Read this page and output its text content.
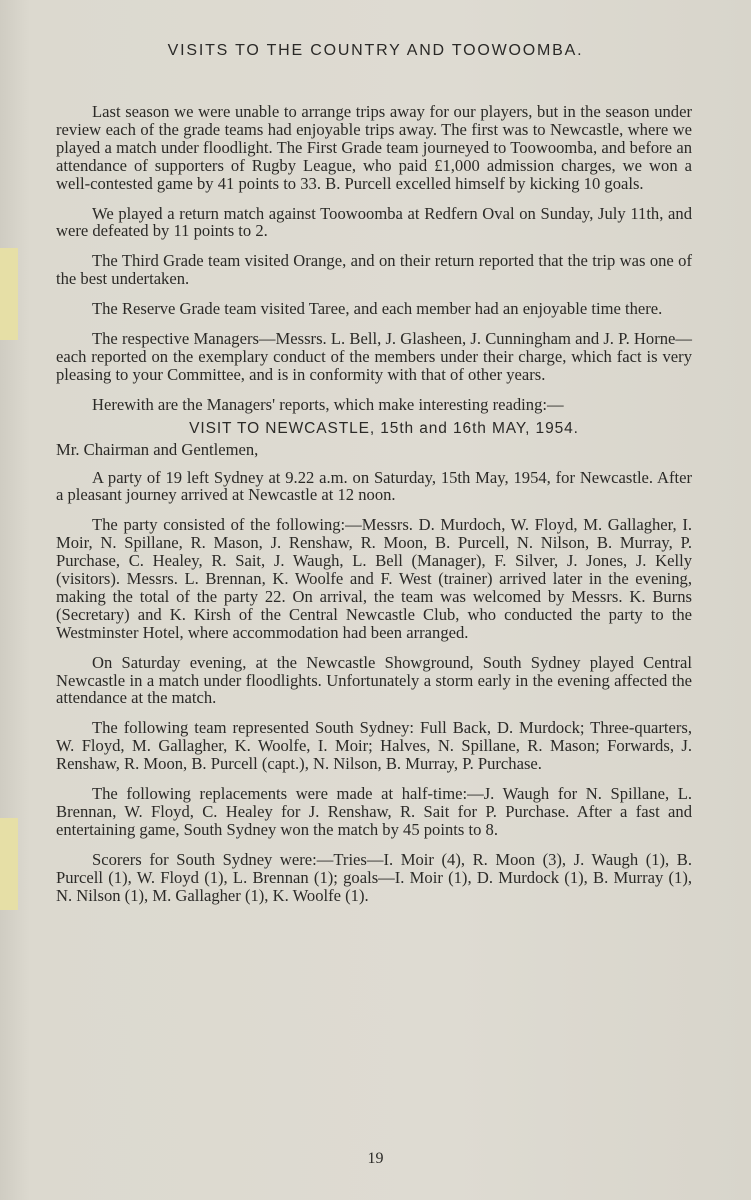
VISITS TO THE COUNTRY AND TOOWOOMBA.

Last season we were unable to arrange trips away for our players, but in the season under review each of the grade teams had enjoyable trips away. The first was to Newcastle, where we played a match under floodlight. The First Grade team journeyed to Toowoomba, and before an attendance of supporters of Rugby League, who paid £1,000 admission charges, we won a well-contested game by 41 points to 33. B. Purcell excelled himself by kicking 10 goals.

We played a return match against Toowoomba at Redfern Oval on Sunday, July 11th, and were defeated by 11 points to 2.

The Third Grade team visited Orange, and on their return reported that the trip was one of the best undertaken.

The Reserve Grade team visited Taree, and each member had an enjoyable time there.

The respective Managers—Messrs. L. Bell, J. Glasheen, J. Cunningham and J. P. Horne—each reported on the exemplary conduct of the members under their charge, which fact is very pleasing to your Committee, and is in conformity with that of other years.

Herewith are the Managers' reports, which make interesting reading:—

VISIT TO NEWCASTLE, 15th and 16th MAY, 1954.

Mr. Chairman and Gentlemen,

A party of 19 left Sydney at 9.22 a.m. on Saturday, 15th May, 1954, for Newcastle. After a pleasant journey arrived at Newcastle at 12 noon.

The party consisted of the following:—Messrs. D. Murdoch, W. Floyd, M. Gallagher, I. Moir, N. Spillane, R. Mason, J. Renshaw, R. Moon, B. Purcell, N. Nilson, B. Murray, P. Purchase, C. Healey, R. Sait, J. Waugh, L. Bell (Manager), F. Silver, J. Jones, J. Kelly (visitors). Messrs. L. Brennan, K. Woolfe and F. West (trainer) arrived later in the evening, making the total of the party 22. On arrival, the team was welcomed by Messrs. K. Burns (Secretary) and K. Kirsh of the Central Newcastle Club, who conducted the party to the Westminster Hotel, where accommodation had been arranged.

On Saturday evening, at the Newcastle Showground, South Sydney played Central Newcastle in a match under floodlights. Unfortunately a storm early in the evening affected the attendance at the match.

The following team represented South Sydney: Full Back, D. Murdock; Three-quarters, W. Floyd, M. Gallagher, K. Woolfe, I. Moir; Halves, N. Spillane, R. Mason; Forwards, J. Renshaw, R. Moon, B. Purcell (capt.), N. Nilson, B. Murray, P. Purchase.

The following replacements were made at half-time:—J. Waugh for N. Spillane, L. Brennan, W. Floyd, C. Healey for J. Renshaw, R. Sait for P. Purchase. After a fast and entertaining game, South Sydney won the match by 45 points to 8.

Scorers for South Sydney were:—Tries—I. Moir (4), R. Moon (3), J. Waugh (1), B. Purcell (1), W. Floyd (1), L. Brennan (1); goals—I. Moir (1), D. Murdock (1), B. Murray (1), N. Nilson (1), M. Gallagher (1), K. Woolfe (1).

19
